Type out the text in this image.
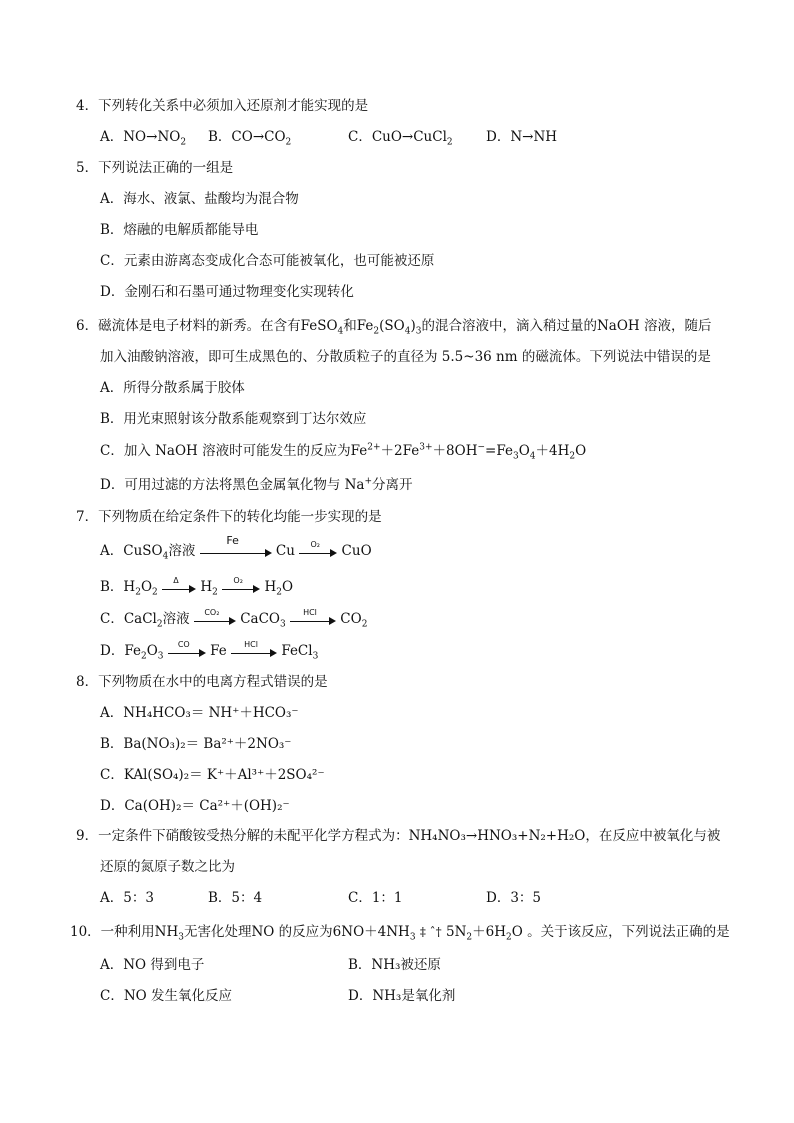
4．下列转化关系中必须加入还原剂才能实现的是
A．$NO\to NO_2$ B．$CO\to CO_2$	C．CuO→CuCl$_2$ D．N→NH
5．下列说法正确的一组是
A．海水、液氯、盐酸均为混合物
B．熔融的电解质都能导电
C．元素由游离态变成化合态可能被氧化，也可能被还原
D．金刚石和石墨可通过物理变化实现转化
6．磁流体是电子材料的新秀。在含有FeSO$_4$和$Fe_2(SO_4)_3$的混合溶液中，滴入稍过量的NaOH 溶液，随后
加入油酸钠溶液，即可生成黑色的、分散质粒子的直径为 5.5~36 nm 的磁流体。下列说法中错误的是
A．所得分散系属于胶体
B．用光束照射该分散系能观察到丁达尔效应
C．加入 NaOH 溶液时可能发生的反应为$Fe^{2+}+2Fe^{3+}+8OH^-=Fe_3O_4+4H_2O$
D．可用过滤的方法将黑色金属氧化物与 Na+分离开
7．下列物质在给定条件下的转化均能一步实现的是
A．CuSO$_4$溶液
Fe
Cu	O₂	CuO
B．$H_2O_2$
Δ	$H_2$
O₂	$H_2O$
C．CaCl$_2$溶液	CO₂	CaCO$_3$
HCl	$CO_2$
D．$Fe_2O_3$
CO	Fe	HCl	FeCl$_3$
8．下列物质在水中的电离方程式错误的是
A．NH₄HCO₃＝ NH⁺＋HCO₃⁻
B．Ba(NO₃)₂＝ Ba²⁺＋2NO₃⁻
C．KAl(SO₄)₂＝ K⁺＋Al³⁺＋2SO₄²⁻
D．Ca(OH)₂＝ Ca²⁺＋(OH)₂⁻
9．一定条件下硝酸铵受热分解的未配平化学方程式为：NH₄NO₃→HNO₃+N₂+H₂O，在反应中被氧化与被
还原的氮原子数之比为
A．5：3	B．5：4	C．1：1	D．3：5
10．一种利用$NH_3$无害化处理NO 的反应为$6NO+4NH_3$ ‡ ˆ† $5N_2+6H_2O$ 。关于该反应，下列说法正确的是
A．NO 得到电子	B．NH₃被还原
C．NO 发生氧化反应	D．NH₃是氧化剂
